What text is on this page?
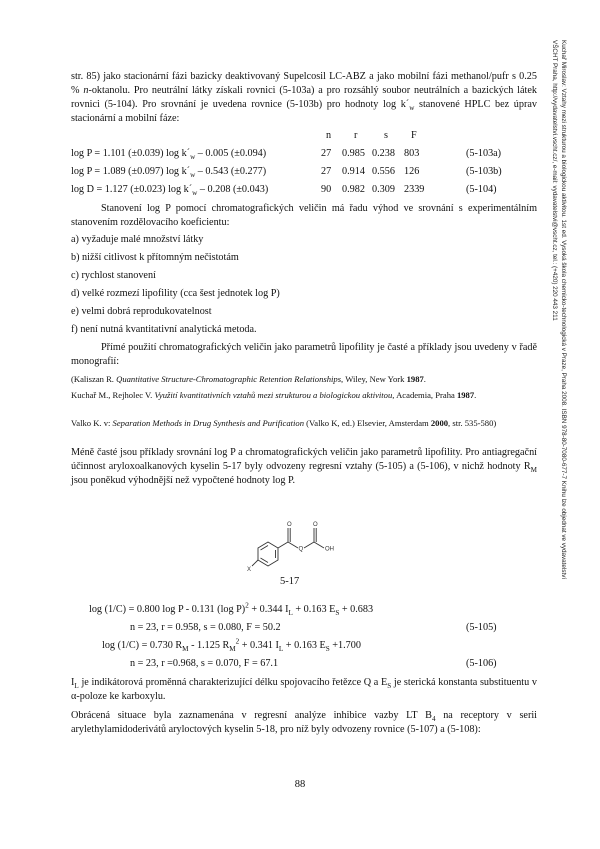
Kuchař Miroslav: Vztahy mezi strukturou a biologickou aktivitou. 1st ed. Vysoká škola chemicko-technologická v Praze, Praha 2008. ISBN 978-80-7080-677-7 Knihu lze objednat ve vydavatelství VŠCHT Praha, http://vydavatelstvi.vscht.cz/, e-mail: vydavatelstvi@vscht.cz, tel.: (+420) 220 443 211

str. 85) jako stacionární fázi bazicky deaktivovaný Supelcosil LC-ABZ a jako mobilní fázi methanol/pufr s 0.25 % n-oktanolu. Pro neutrální látky získali rovnici (5-103a) a pro rozsáhlý soubor neutrálních a bazických látek rovnici (5-104). Pro srovnání je uvedena rovnice (5-103b) pro hodnoty $\log k´_w$ stanovené HPLC bez úprav stacionární a mobilní fáze:

n r	s F
log P = 1.101 (±0.039) $\log k´_w - 0.005$ (±0.094)	27 0.985 0.238 803	(5-103a)
log P = 1.089 (±0.097) $\log k´_w - 0.543$ (±0.277)	27 0.914 0.556 126	(5-103b)
log D = 1.127 (±0.023) $\log k´_w - 0.208$ (±0.043)	90 0.982 0.309 2339	(5-104)

Stanovení log P pomocí chromatografických veličin má řadu výhod ve srovnání s experimentálním stanovením rozdělovacího koeficientu:

a) vyžaduje malé množství látky
b) nižší citlivost k přítomným nečistotám
c) rychlost stanovení
d) velké rozmezí lipofility (cca šest jednotek log P)
e) velmi dobrá reprodukovatelnost
f) není nutná kvantitativní analytická metoda.

Přímé použití chromatografických veličin jako parametrů lipofility je časté a příklady jsou uvedeny v řadě monografií:

(Kaliszan R. Quantitative Structure-Chromatographic Retention Relationships, Wiley, New York 1987.
Kuchař M., Rejholec V. Využití kvantitativních vztahů mezi strukturou a biologickou aktivitou, Academia, Praha 1987.
Valko K. v: Separation Methods in Drug Synthesis and Purification (Valko K, ed.) Elsevier, Amsterdam 2000, str. 535-580)

Méně časté jsou příklady srovnání log P a chromatografických veličin jako parametrů lipofility. Pro antiagregační účinnost aryloxoalkanových kyselin 5-17 byly odvozeny regresní vztahy (5-105) a (5-106), v nichž hodnoty $R_M$ jsou poněkud výhodnější než vypočtené hodnoty log P.

O
Q
O
OH
X
5-17
log (1/C) = 0.800 log P - 0.131 (log P)$^2$ + 0.344 $I_L + 0.163$ $E_S + 0.683$
n = 23, r = 0.958, s = 0.080, F = 50.2	(5-105)
log (1/C) = 0.730 $R_M - 1.125$ $R_M^2 + 0.341$ $I_L + 0.163$ $E_S +1.700$
n = 23, r =0.968, s = 0.070, F = 67.1	(5-106)

$I_L$ je indikátorová proměnná charakterizující délku spojovacího řetězce Q a $E_S$ je sterická konstanta substituentu v α-poloze ke karboxylu.

Obrácená situace byla zaznamenána v regresní analýze inhibice vazby LT $B_4$ na receptory v serii arylethylamidoderivátů aryloctových kyselin 5-18, pro níž byly odvozeny rovnice (5-107) a (5-108):

88
